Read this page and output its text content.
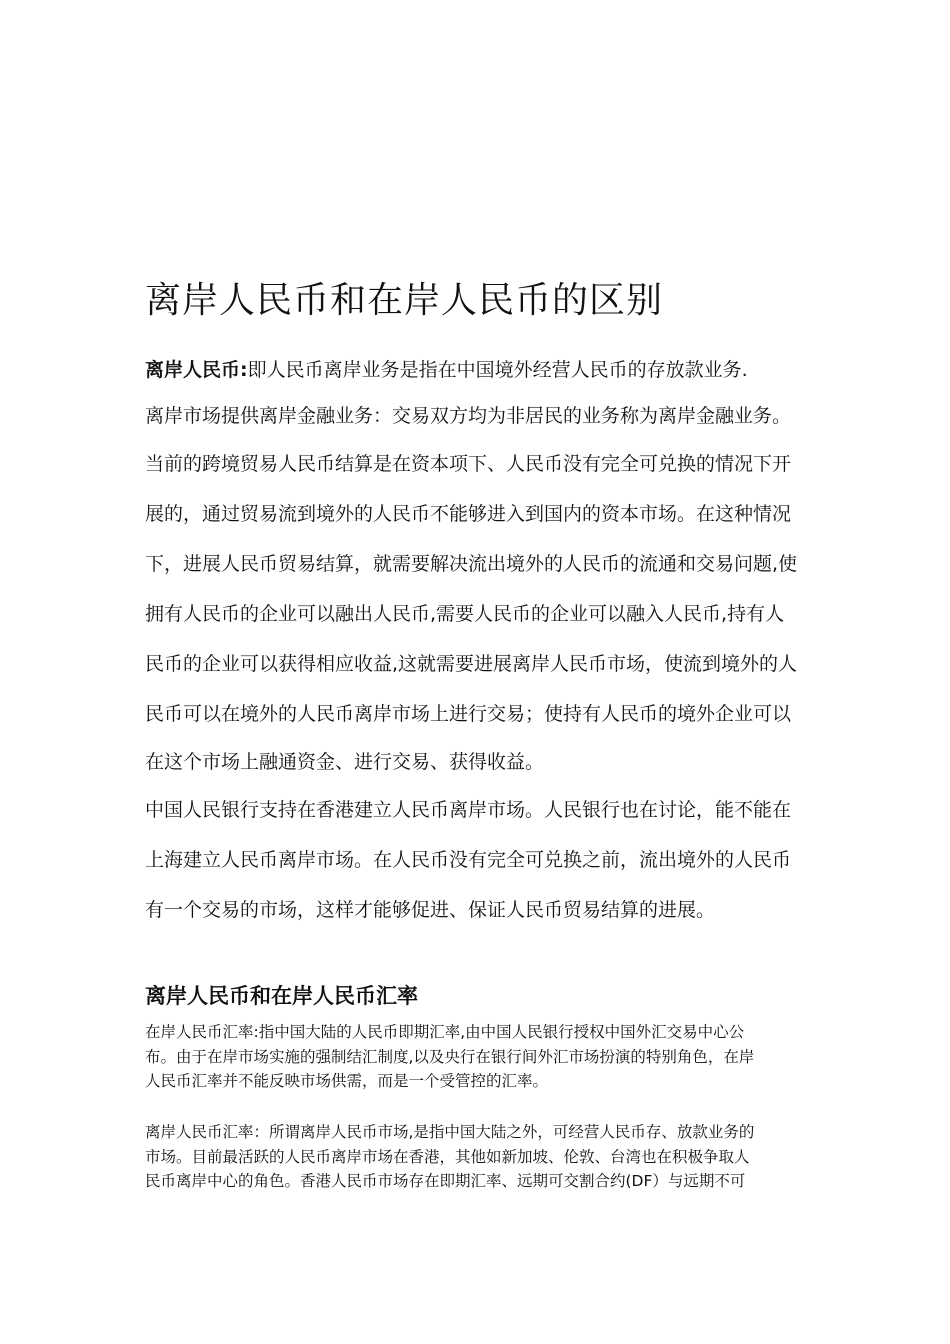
离岸人民币和在岸人民币的区别
离岸人民币:即人民币离岸业务是指在中国境外经营人民币的存放款业务.
离岸市场提供离岸金融业务：交易双方均为非居民的业务称为离岸金融业务。
当前的跨境贸易人民币结算是在资本项下、人民币没有完全可兑换的情况下开
展的，通过贸易流到境外的人民币不能够进入到国内的资本市场。在这种情况
下，进展人民币贸易结算，就需要解决流出境外的人民币的流通和交易问题,使
拥有人民币的企业可以融出人民币,需要人民币的企业可以融入人民币,持有人
民币的企业可以获得相应收益,这就需要进展离岸人民币市场，使流到境外的人
民币可以在境外的人民币离岸市场上进行交易；使持有人民币的境外企业可以
在这个市场上融通资金、进行交易、获得收益。
中国人民银行支持在香港建立人民币离岸市场。人民银行也在讨论，能不能在
上海建立人民币离岸市场。在人民币没有完全可兑换之前，流出境外的人民币
有一个交易的市场，这样才能够促进、保证人民币贸易结算的进展。
离岸人民币和在岸人民币汇率
在岸人民币汇率:指中国大陆的人民币即期汇率,由中国人民银行授权中国外汇交易中心公
布。由于在岸市场实施的强制结汇制度,以及央行在银行间外汇市场扮演的特别角色，在岸
人民币汇率并不能反映市场供需，而是一个受管控的汇率。
离岸人民币汇率：所谓离岸人民币市场,是指中国大陆之外，可经营人民币存、放款业务的
市场。目前最活跃的人民币离岸市场在香港，其他如新加坡、伦敦、台湾也在积极争取人
民币离岸中心的角色。香港人民币市场存在即期汇率、远期可交割合约(DF）与远期不可
